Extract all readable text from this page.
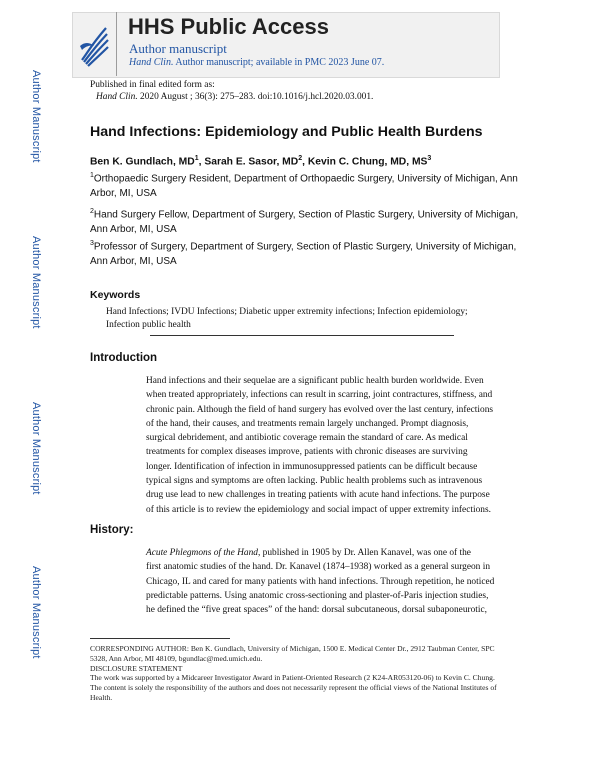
Author Manuscript
Author Manuscript
Author Manuscript
Author Manuscript
HHS Public Access
Author manuscript
Hand Clin. Author manuscript; available in PMC 2023 June 07.
Published in final edited form as:
Hand Clin. 2020 August ; 36(3): 275–283. doi:10.1016/j.hcl.2020.03.001.
Hand Infections: Epidemiology and Public Health Burdens
Ben K. Gundlach, $MD^1$, Sarah E. Sasor, $MD^2$, Kevin C. Chung, MD, $MS^3$
$^1$Orthopaedic Surgery Resident, Department of Orthopaedic Surgery, University of Michigan, Ann
Arbor, MI, USA
$^2$Hand Surgery Fellow, Department of Surgery, Section of Plastic Surgery, University of Michigan,
Ann Arbor, MI, USA
$^3$Professor of Surgery, Department of Surgery, Section of Plastic Surgery, University of Michigan,
Ann Arbor, MI, USA
Keywords
Hand Infections; IVDU Infections; Diabetic upper extremity infections; Infection epidemiology;
Infection public health
Introduction
Hand infections and their sequelae are a significant public health burden worldwide. Even
when treated appropriately, infections can result in scarring, joint contractures, stiffness, and
chronic pain. Although the field of hand surgery has evolved over the last century, infections
of the hand, their causes, and treatments remain largely unchanged. Prompt diagnosis,
surgical debridement, and antibiotic coverage remain the standard of care. As medical
treatments for complex diseases improve, patients with chronic diseases are surviving
longer. Identification of infection in immunosuppressed patients can be difficult because
typical signs and symptoms are often lacking. Public health problems such as intravenous
drug use lead to new challenges in treating patients with acute hand infections. The purpose
of this article is to review the epidemiology and social impact of upper extremity infections.
History:
Acute Phlegmons of the Hand, published in 1905 by Dr. Allen Kanavel, was one of the
first anatomic studies of the hand. Dr. Kanavel (1874–1938) worked as a general surgeon in
Chicago, IL and cared for many patients with hand infections. Through repetition, he noticed
predictable patterns. Using anatomic cross-sectioning and plaster-of-Paris injection studies,
he defined the “five great spaces” of the hand: dorsal subcutaneous, dorsal subaponeurotic,
CORRESPONDING AUTHOR: Ben K. Gundlach, University of Michigan, 1500 E. Medical Center Dr., 2912 Taubman Center, SPC
5328, Ann Arbor, MI 48109, bgundlac@med.umich.edu.
DISCLOSURE STATEMENT
The work was supported by a Midcareer Investigator Award in Patient-Oriented Research (2 K24-AR053120-06) to Kevin C. Chung.
The content is solely the responsibility of the authors and does not necessarily represent the official views of the National Institutes of
Health.
